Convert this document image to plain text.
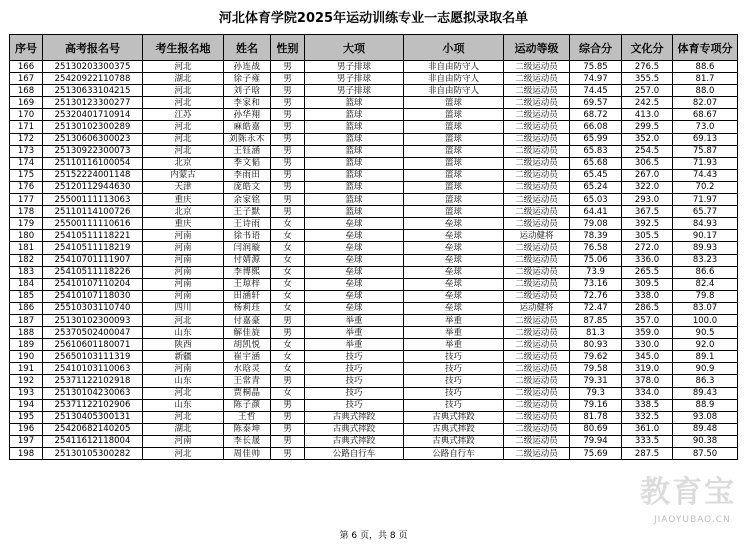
河北体育学院2025年运动训练专业一志愿拟录取名单
序号	高考报名号	考生报名地	姓名	性别	大项	小项	运动等级	综合分	文化分	体育专项分
166	25130203300375	河北	孙连战	男	男子排球	非自由防守人	二级运动员	75.85	276.5	88.6
167	25420922110788	湖北	徐子雍	男	男子排球	非自由防守人	二级运动员	74.97	355.5	81.7
168	25130633104215	河北	刘子晗	男	男子排球	非自由防守人	二级运动员	74.45	257.0	88.0
169	25130123300277	河北	李家和	男	篮球	篮球	二级运动员	69.57	242.5	82.07
170	25320401710914	江苏	孙华翔	男	篮球	篮球	二级运动员	68.72	413.0	68.67
171	25130102300289	河北	麻皓嘉	男	篮球	篮球	二级运动员	66.08	299.5	73.0
172	25130606300023	河北	刘陈永木	男	篮球	篮球	二级运动员	65.99	352.0	69.13
173	25130922300073	河北	王钰涵	男	篮球	篮球	二级运动员	65.83	254.5	75.87
174	25110116100054	北京	季文韬	男	篮球	篮球	二级运动员	65.68	306.5	71.93
175	25152224001148	内蒙古	李雨田	男	篮球	篮球	二级运动员	65.45	267.0	74.43
176	25120112944630	天津	庞皓文	男	篮球	篮球	二级运动员	65.24	322.0	70.2
177	25500111113063	重庆	余家铭	男	篮球	篮球	二级运动员	65.03	293.0	71.97
178	25110114100726	北京	王子默	男	篮球	篮球	二级运动员	64.41	367.5	65.77
179	25500111110616	重庆	王诗雨	女	垒球	垒球	二级运动员	79.08	392.5	84.93
180	25410511118221	河南	徐书语	女	垒球	垒球	运动健将	78.39	305.5	90.17
181	25410511118219	河南	闫润璇	女	垒球	垒球	二级运动员	76.58	272.0	89.93
182	25410701111907	河南	付婧源	女	垒球	垒球	二级运动员	75.06	336.0	83.23
183	25410511118226	河南	李博熙	女	垒球	垒球	二级运动员	73.9	265.5	86.6
184	25410107110204	河南	王琼梓	女	垒球	垒球	二级运动员	73.16	309.5	82.4
185	25410107118030	河南	田涵轩	女	垒球	垒球	二级运动员	72.76	338.0	79.8
186	25510303110740	四川	杨莉珏	女	垒球	垒球	运动健将	72.47	286.5	83.07
187	25130102300093	河北	付嘉豪	男	举重	举重	二级运动员	87.85	357.0	100.0
188	25370502400047	山东	解佳旋	男	举重	举重	二级运动员	81.3	359.0	90.5
189	25610601180071	陕西	胡凯悦	女	举重	举重	二级运动员	80.93	330.0	92.0
190	25650103111319	新疆	崔宇涵	女	技巧	技巧	二级运动员	79.62	345.0	89.1
191	25410103110063	河南	水晗灵	女	技巧	技巧	二级运动员	79.58	319.0	90.9
192	25371122102918	山东	王常青	男	技巧	技巧	二级运动员	79.31	378.0	86.3
193	25130104230063	河北	贾桐晶	女	技巧	技巧	二级运动员	79.3	334.0	89.43
194	25371122102906	山东	陈子颜	男	技巧	技巧	二级运动员	79.16	338.5	88.9
195	25130405300131	河北	王哲	男	古典式摔跤	古典式摔跤	二级运动员	81.78	332.5	93.08
196	25420682140205	湖北	陈泰坤	男	古典式摔跤	古典式摔跤	二级运动员	80.69	361.0	89.48
197	25411612118004	河南	李长晟	男	古典式摔跤	古典式摔跤	二级运动员	79.94	333.5	90.38
198	25130105300282	河北	周佳帅	男	公路自行车	公路自行车	二级运动员	75.69	287.5	87.50
第 6 页，共 8 页
教育宝
JIAOYUBAO.CN
